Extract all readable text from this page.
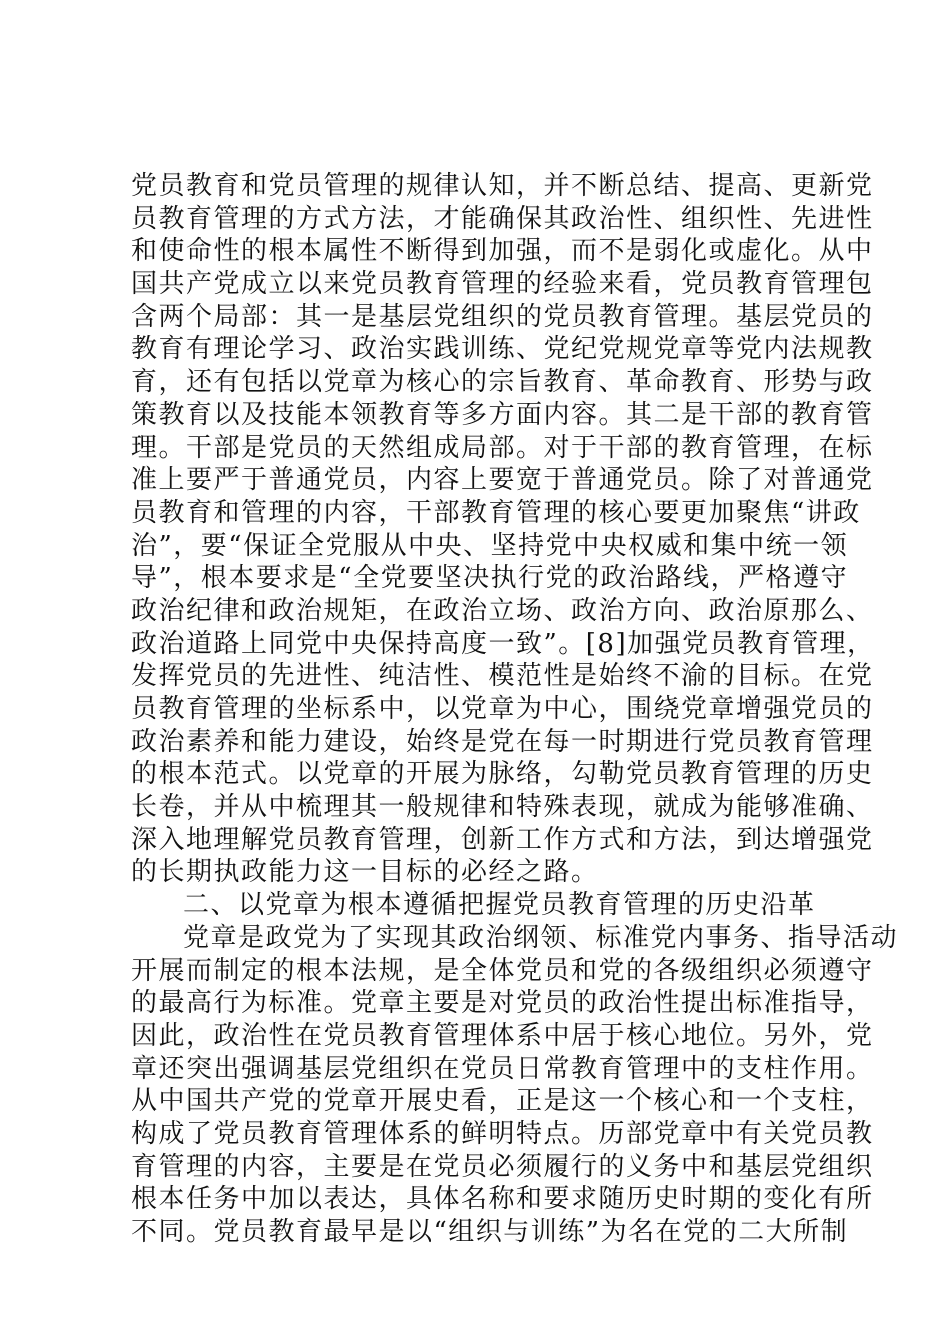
党员教育和党员管理的规律认知，并不断总结、提高、更新党
员教育管理的方式方法，才能确保其政治性、组织性、先进性
和使命性的根本属性不断得到加强，而不是弱化或虚化。从中
国共产党成立以来党员教育管理的经验来看，党员教育管理包
含两个局部：其一是基层党组织的党员教育管理。基层党员的
教育有理论学习、政治实践训练、党纪党规党章等党内法规教
育，还有包括以党章为核心的宗旨教育、革命教育、形势与政
策教育以及技能本领教育等多方面内容。其二是干部的教育管
理。干部是党员的天然组成局部。对于干部的教育管理，在标
准上要严于普通党员，内容上要宽于普通党员。除了对普通党
员教育和管理的内容，干部教育管理的核心要更加聚焦“讲政
治”，要“保证全党服从中央、坚持党中央权威和集中统一领
导”，根本要求是“全党要坚决执行党的政治路线，严格遵守
政治纪律和政治规矩，在政治立场、政治方向、政治原那么、
政治道路上同党中央保持高度一致”。[8]加强党员教育管理，
发挥党员的先进性、纯洁性、模范性是始终不渝的目标。在党
员教育管理的坐标系中，以党章为中心，围绕党章增强党员的
政治素养和能力建设，始终是党在每一时期进行党员教育管理
的根本范式。以党章的开展为脉络，勾勒党员教育管理的历史
长卷，并从中梳理其一般规律和特殊表现，就成为能够准确、
深入地理解党员教育管理，创新工作方式和方法，到达增强党
的长期执政能力这一目标的必经之路。
二、以党章为根本遵循把握党员教育管理的历史沿革
党章是政党为了实现其政治纲领、标准党内事务、指导活动
开展而制定的根本法规，是全体党员和党的各级组织必须遵守
的最高行为标准。党章主要是对党员的政治性提出标准指导，
因此，政治性在党员教育管理体系中居于核心地位。另外，党
章还突出强调基层党组织在党员日常教育管理中的支柱作用。
从中国共产党的党章开展史看，正是这一个核心和一个支柱，
构成了党员教育管理体系的鲜明特点。历部党章中有关党员教
育管理的内容，主要是在党员必须履行的义务中和基层党组织
根本任务中加以表达，具体名称和要求随历史时期的变化有所
不同。党员教育最早是以“组织与训练”为名在党的二大所制
